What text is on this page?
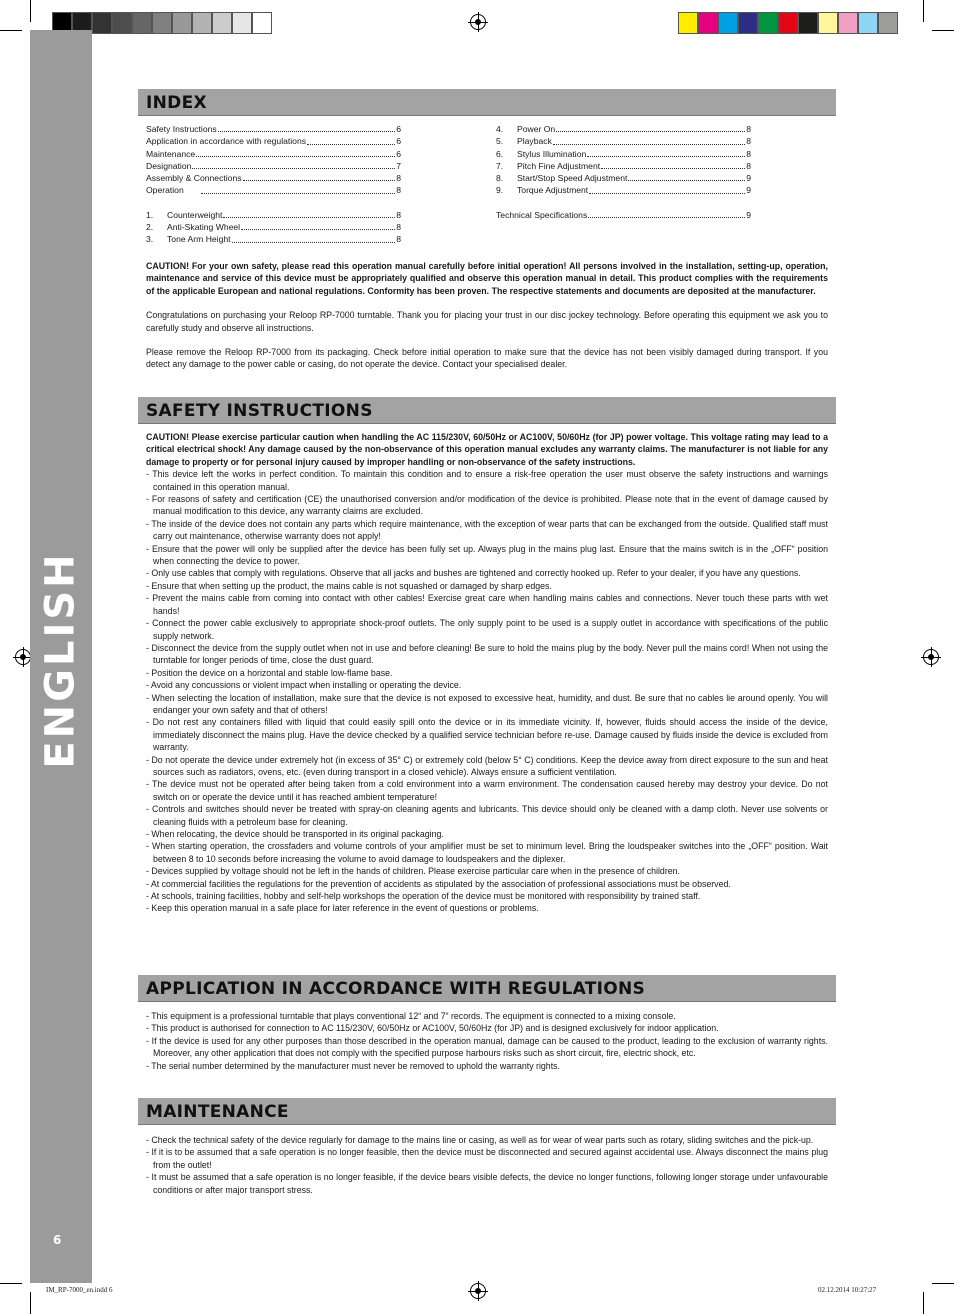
ENGLISH
6
INDEX
Safety Instructions	6
Application in accordance with regulations	6
Maintenance	6
Designation	7
Assembly & Connections	8
Operation	8
1.	Counterweight	8
2.	Anti-Skating Wheel	8
3.	Tone Arm Height	8
4.	Power On	8
5.	Playback	8
6.	Stylus Illumination	8
7.	Pitch Fine Adjustment	8
8.	Start/Stop Speed Adjustment	9
9.	Torque Adjustment	9
Technical Specifications	9

CAUTION! For your own safety, please read this operation manual carefully before initial operation! All persons involved in the installation, setting-up, operation, maintenance and service of this device must be appropriately qualified and observe this operation manual in detail. This product complies with the requirements of the applicable European and national regulations. Conformity has been proven. The respective statements and documents are deposited at the manufacturer.

Congratulations on purchasing your Reloop RP-7000 turntable. Thank you for placing your trust in our disc jockey technology. Before operating this equipment we ask you to carefully study and observe all instructions.

Please remove the Reloop RP-7000 from its packaging. Check before initial operation to make sure that the device has not been visibly damaged during transport. If you detect any damage to the power cable or casing, do not operate the device. Contact your specialised dealer.

SAFETY INSTRUCTIONS

CAUTION! Please exercise particular caution when handling the AC 115/230V, 60/50Hz or AC100V, 50/60Hz (for JP) power voltage. This voltage rating may lead to a critical electrical shock! Any damage caused by the non-observance of this operation manual excludes any warranty claims. The manufacturer is not liable for any damage to property or for personal injury caused by improper handling or non-observance of the safety instructions.

- This device left the works in perfect condition. To maintain this condition and to ensure a risk-free operation the user must observe the safety instructions and warnings contained in this operation manual.
- For reasons of safety and certification (CE) the unauthorised conversion and/or modification of the device is prohibited. Please note that in the event of damage caused by manual modification to this device, any warranty claims are excluded.
- The inside of the device does not contain any parts which require maintenance, with the exception of wear parts that can be exchanged from the outside. Qualified staff must carry out maintenance, otherwise warranty does not apply!
- Ensure that the power will only be supplied after the device has been fully set up. Always plug in the mains plug last. Ensure that the mains switch is in the „OFF“ position when connecting the device to power.
- Only use cables that comply with regulations. Observe that all jacks and bushes are tightened and correctly hooked up. Refer to your dealer, if you have any questions.
- Ensure that when setting up the product, the mains cable is not squashed or damaged by sharp edges.
- Prevent the mains cable from coming into contact with other cables! Exercise great care when handling mains cables and connections. Never touch these parts with wet hands!
- Connect the power cable exclusively to appropriate shock-proof outlets. The only supply point to be used is a supply outlet in accordance with specifications of the public supply network.
- Disconnect the device from the supply outlet when not in use and before cleaning! Be sure to hold the mains plug by the body. Never pull the mains cord! When not using the turntable for longer periods of time, close the dust guard.
- Position the device on a horizontal and stable low-flame base.
- Avoid any concussions or violent impact when installing or operating the device.
- When selecting the location of installation, make sure that the device is not exposed to excessive heat, humidity, and dust. Be sure that no cables lie around openly. You will endanger your own safety and that of others!
- Do not rest any containers filled with liquid that could easily spill onto the device or in its immediate vicinity. If, however, fluids should access the inside of the device, immediately disconnect the mains plug. Have the device checked by a qualified service technician before re-use. Damage caused by fluids inside the device is excluded from warranty.
- Do not operate the device under extremely hot (in excess of 35° C) or extremely cold (below 5° C) conditions. Keep the device away from direct exposure to the sun and heat sources such as radiators, ovens, etc. (even during transport in a closed vehicle). Always ensure a sufficient ventilation.
- The device must not be operated after being taken from a cold environment into a warm environment. The condensation caused hereby may destroy your device. Do not switch on or operate the device until it has reached ambient temperature!
- Controls and switches should never be treated with spray-on cleaning agents and lubricants. This device should only be cleaned with a damp cloth. Never use solvents or cleaning fluids with a petroleum base for cleaning.
- When relocating, the device should be transported in its original packaging.
- When starting operation, the crossfaders and volume controls of your amplifier must be set to minimum level. Bring the loudspeaker switches into the „OFF“ position. Wait between 8 to 10 seconds before increasing the volume to avoid damage to loudspeakers and the diplexer.
- Devices supplied by voltage should not be left in the hands of children. Please exercise particular care when in the presence of children.
- At commercial facilities the regulations for the prevention of accidents as stipulated by the association of professional associations must be observed.
- At schools, training facilities, hobby and self-help workshops the operation of the device must be monitored with responsibility by trained staff.
- Keep this operation manual in a safe place for later reference in the event of questions or problems.
APPLICATION IN ACCORDANCE WITH REGULATIONS
- This equipment is a professional turntable that plays conventional 12“ and 7“ records. The equipment is connected to a mixing console.
- This product is authorised for connection to AC 115/230V, 60/50Hz or AC100V, 50/60Hz (for JP) and is designed exclusively for indoor application.
- If the device is used for any other purposes than those described in the operation manual, damage can be caused to the product, leading to the exclusion of warranty rights. Moreover, any other application that does not comply with the specified purpose harbours risks such as short circuit, fire, electric shock, etc.
- The serial number determined by the manufacturer must never be removed to uphold the warranty rights.
MAINTENANCE
- Check the technical safety of the device regularly for damage to the mains line or casing, as well as for wear of wear parts such as rotary, sliding switches and the pick-up.
- If it is to be assumed that a safe operation is no longer feasible, then the device must be disconnected and secured against accidental use. Always disconnect the mains plug from the outlet!
- It must be assumed that a safe operation is no longer feasible, if the device bears visible defects, the device no longer functions, following longer storage under unfavourable conditions or after major transport stress.
IM_RP-7000_en.indd 6	02.12.2014 10:27:27
